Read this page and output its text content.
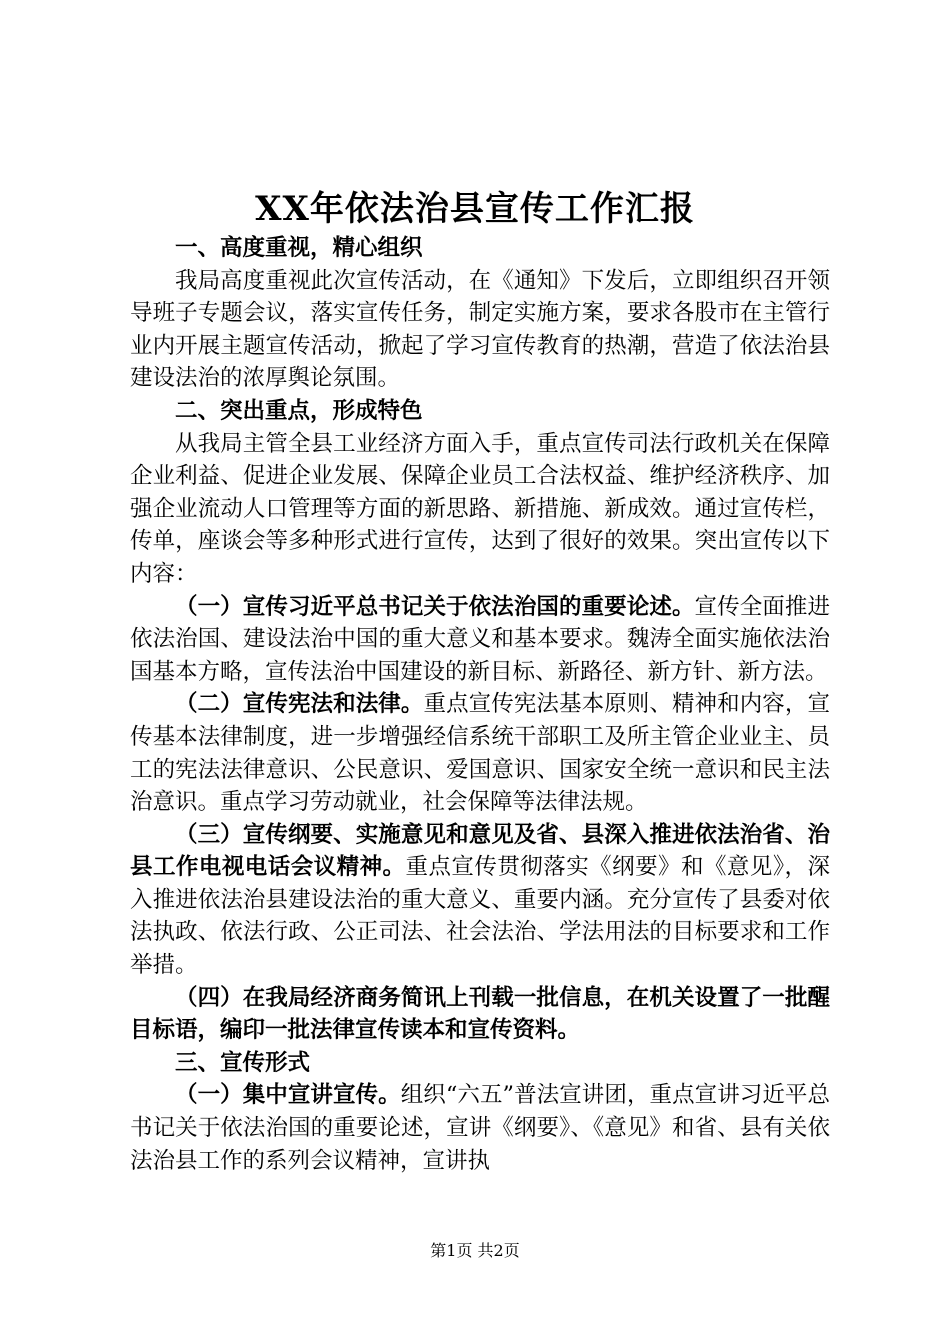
XX年依法治县宣传工作汇报

一、高度重视，精心组织

我局高度重视此次宣传活动，在《通知》下发后，立即组织召开领导班子专题会议，落实宣传任务，制定实施方案，要求各股市在主管行业内开展主题宣传活动，掀起了学习宣传教育的热潮，营造了依法治县建设法治的浓厚舆论氛围。

二、突出重点，形成特色

从我局主管全县工业经济方面入手，重点宣传司法行政机关在保障企业利益、促进企业发展、保障企业员工合法权益、维护经济秩序、加强企业流动人口管理等方面的新思路、新措施、新成效。通过宣传栏，传单，座谈会等多种形式进行宣传，达到了很好的效果。突出宣传以下内容：

（一）宣传习近平总书记关于依法治国的重要论述。宣传全面推进依法治国、建设法治中国的重大意义和基本要求。魏涛全面实施依法治国基本方略，宣传法治中国建设的新目标、新路径、新方针、新方法。

（二）宣传宪法和法律。重点宣传宪法基本原则、精神和内容，宣传基本法律制度，进一步增强经信系统干部职工及所主管企业业主、员工的宪法法律意识、公民意识、爱国意识、国家安全统一意识和民主法治意识。重点学习劳动就业，社会保障等法律法规。

（三）宣传纲要、实施意见和意见及省、县深入推进依法治省、治县工作电视电话会议精神。重点宣传贯彻落实《纲要》和《意见》，深入推进依法治县建设法治的重大意义、重要内涵。充分宣传了县委对依法执政、依法行政、公正司法、社会法治、学法用法的目标要求和工作举措。

（四）在我局经济商务简讯上刊载一批信息，在机关设置了一批醒目标语，编印一批法律宣传读本和宣传资料。

三、宣传形式

（一）集中宣讲宣传。组织“六五”普法宣讲团，重点宣讲习近平总书记关于依法治国的重要论述，宣讲《纲要》、《意见》和省、县有关依法治县工作的系列会议精神，宣讲执

第1页 共2页
